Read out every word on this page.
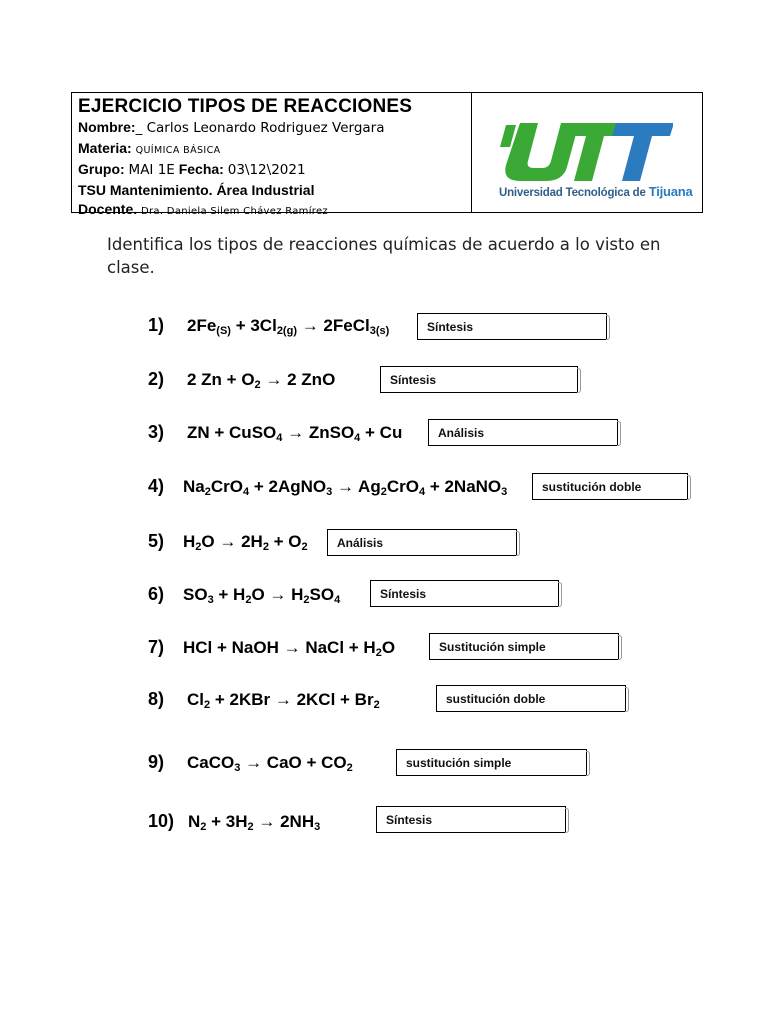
EJERCICIO TIPOS DE REACCIONES
Nombre:_ Carlos Leonardo Rodriguez Vergara
Materia: QUÍMICA BÁSICA
Grupo: MAI 1E Fecha: 03\12\2021
TSU Mantenimiento. Área Industrial
Docente. Dra. Daniela Silem Chávez Ramírez
Universidad Tecnológica de Tijuana
Identifica los tipos de reacciones químicas de acuerdo a lo visto en clase.
1) $2Fe_{(S)} + 3Cl_{2(g)}$ → 2FeCl$_{3(s)}$	Síntesis
2) 2 $Zn + O_2 \to 2$ ZnO	Síntesis
3) ZN + CuSO$_4$ → ZnSO$_4$ + Cu	Análisis
4) $Na_2CrO_4$ + 2AgNO$_3$ → $Ag_2CrO_4$ + 2NaNO$_3$	sustitución doble
5) $H_2O \to 2H_2 + O_2$	Análisis
6) $SO_3 + H_2O \to H_2SO_4$	Síntesis
7) HCl + NaOH → NaCl + $H_2O$	Sustitución simple
8) $Cl_2 + 2KBr \to 2KCl + Br_2$	sustitución doble
9) CaCO$_3$ → CaO + $CO_2$	sustitución simple
10) $N_2 + 3H_2 \to 2NH_3$	Síntesis
